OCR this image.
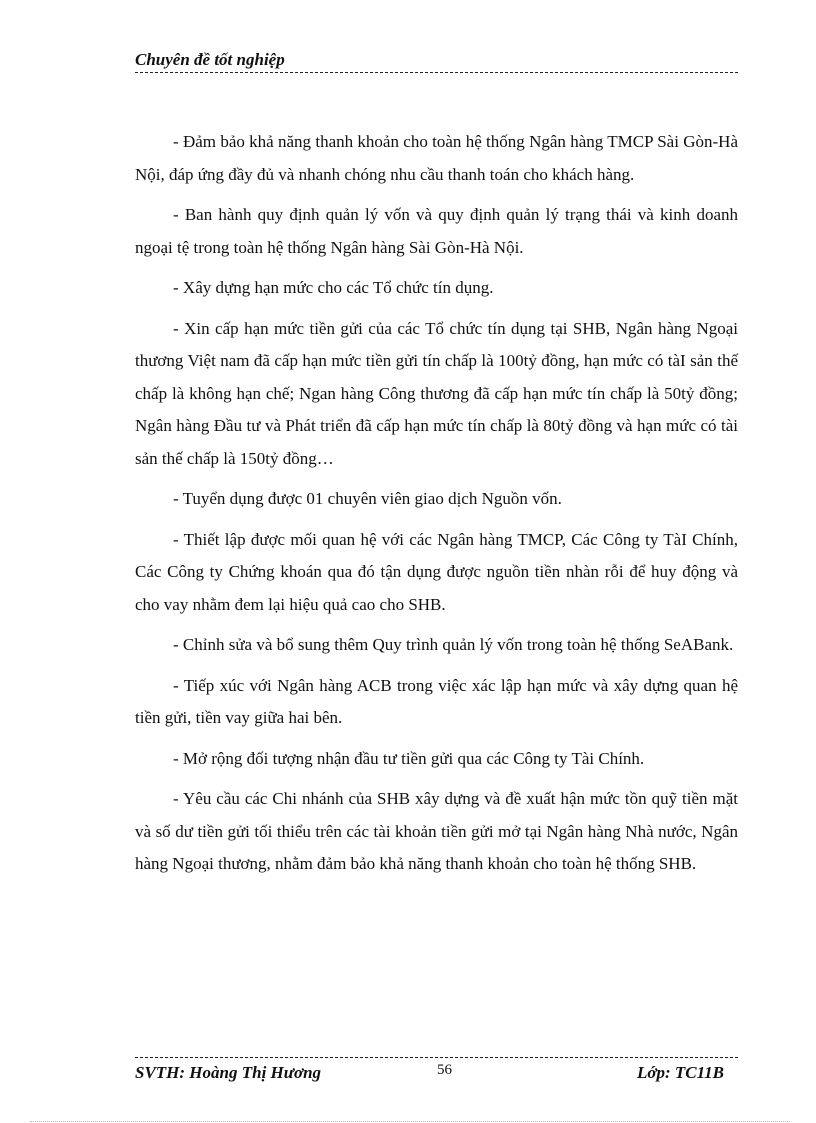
Chuyên đề tốt nghiệp

- Đảm bảo khả năng thanh khoản cho toàn hệ thống Ngân hàng TMCP Sài Gòn-Hà Nội, đáp ứng đầy đủ và nhanh chóng nhu cầu thanh toán cho khách hàng.

- Ban hành quy định quản lý vốn và quy định quản lý trạng thái và kinh doanh ngoại tệ trong toàn hệ thống Ngân hàng Sài Gòn-Hà Nội.

- Xây dựng hạn mức cho các Tổ chức tín dụng.

- Xin cấp hạn mức tiền gửi của các Tổ chức tín dụng tại SHB, Ngân hàng Ngoại thương Việt nam đã cấp hạn mức tiền gửi tín chấp là 100tỷ đồng, hạn mức có tàI sản thế chấp là không hạn chế; Ngan hàng Công thương đã cấp hạn mức tín chấp là 50tỷ đồng; Ngân hàng Đầu tư và Phát triển đã cấp hạn mức tín chấp là 80tỷ đồng và hạn mức có tài sản thế chấp là 150tỷ đồng…

- Tuyển dụng được 01 chuyên viên giao dịch Nguồn vốn.

- Thiết lập được mối quan hệ với các Ngân hàng TMCP, Các Công ty TàI Chính, Các Công ty Chứng khoán qua đó tận dụng được nguồn tiền nhàn rỗi để huy động và cho vay nhằm đem lại hiệu quả cao cho SHB.

- Chỉnh sửa và bổ sung thêm Quy trình quản lý vốn trong toàn hệ thống SeABank.

- Tiếp xúc với Ngân hàng ACB trong việc xác lập hạn mức và xây dựng quan hệ tiền gửi, tiền vay giữa hai bên.

- Mở rộng đối tượng nhận đầu tư tiền gửi qua các Công ty Tài Chính.

- Yêu cầu các Chi nhánh của SHB xây dựng và đề xuất hận mức tồn quỹ tiền mặt và số dư tiền gửi tối thiểu trên các tài khoản tiền gửi mở tại Ngân hàng Nhà nước, Ngân hàng Ngoại thương, nhằm đảm bảo khả năng thanh khoản cho toàn hệ thống SHB.

SVTH: Hoàng Thị Hương	56	Lớp: TC11B
